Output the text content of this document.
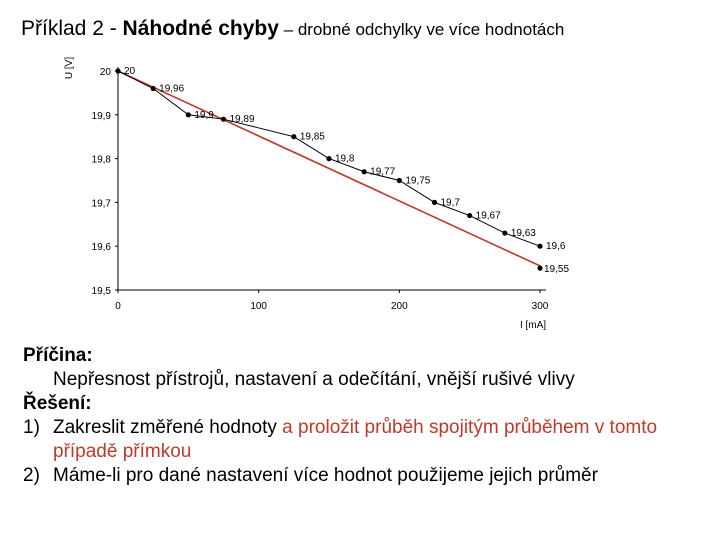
Příklad 2 - Náhodné chyby – drobné odchylky ve více hodnotách
U [V]
I [mA]
20
19,9
19,8
19,7
19,6
19,5
0	100	200	300
20
19,96
19,9 19,89
19,85
19,8
19,77
19,75
19,7
19,67
19,63
19,6
19,55
Příčina:
Nepřesnost přístrojů, nastavení a odečítání, vnější rušivé vlivy
Řešení:
1) Zakreslit změřené hodnoty a proložit průběh spojitým průběhem v tomto případě přímkou
2) Máme-li pro dané nastavení více hodnot použijeme jejich průměr
